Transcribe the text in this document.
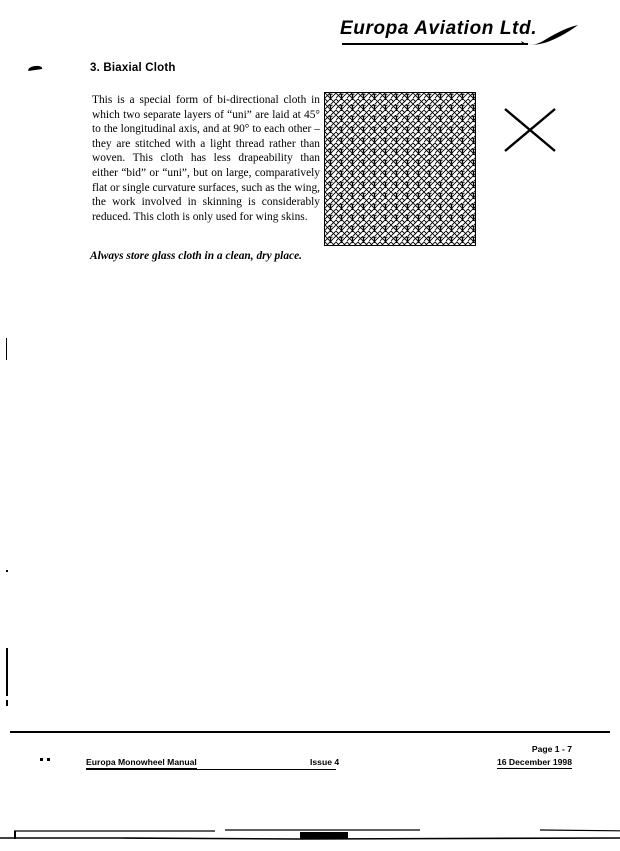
Europa Aviation Ltd.
3. Biaxial Cloth
This is a special form of bi-directional cloth in which two separate layers of “uni” are laid at 45° to the longitudinal axis, and at 90° to each other – they are stitched with a light thread rather than woven. This cloth has less drapeability than either “bid” or “uni”, but on large, comparatively flat or single curvature surfaces, such as the wing, the work involved in skinning is considerably reduced. This cloth is only used for wing skins.
Always store glass cloth in a clean, dry place.
Europa Monowheel Manual	Issue 4
Page 1 - 7
16 December 1998
